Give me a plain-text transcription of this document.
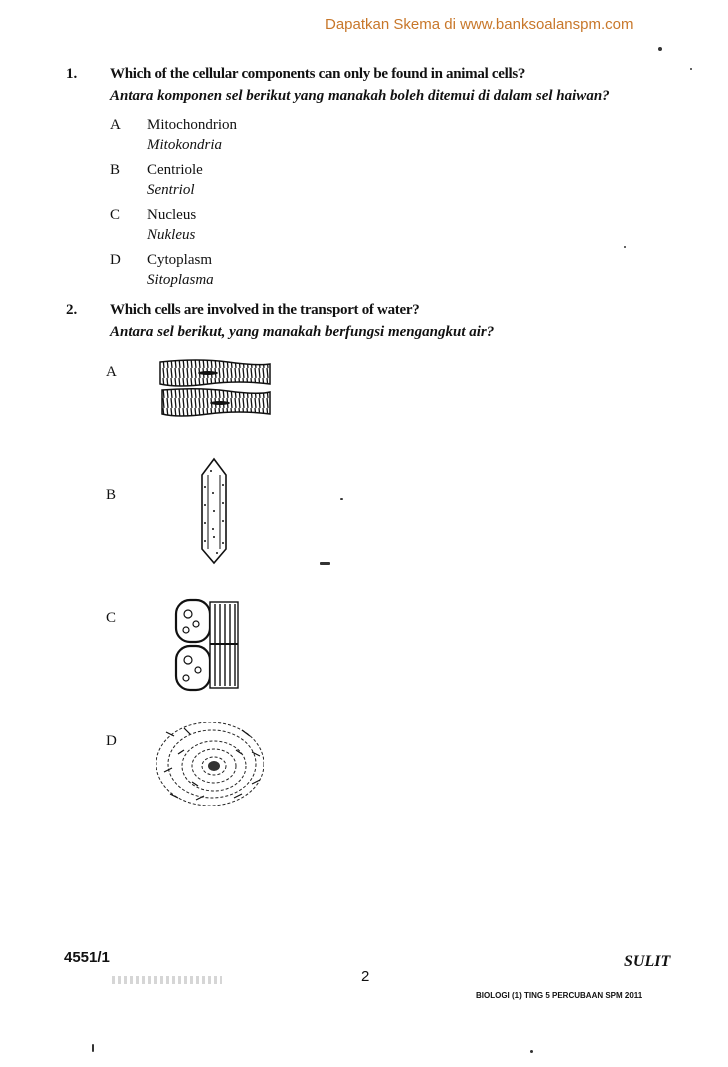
Dapatkan Skema di www.banksoalanspm.com
1. Which of the cellular components can only be found in animal cells?
Antara komponen sel berikut yang manakah boleh ditemui di dalam sel haiwan?
A Mitochondrion
Mitokondria
B Centriole
Sentriol
C Nucleus
Nukleus
D Cytoplasm
Sitoplasma
2. Which cells are involved in the transport of water?
Antara sel berikut, yang manakah berfungsi mengangkut air?
A
B
C
D
4551/1
2
SULIT
BIOLOGI (1) TING 5 PERCUBAAN SPM 2011
